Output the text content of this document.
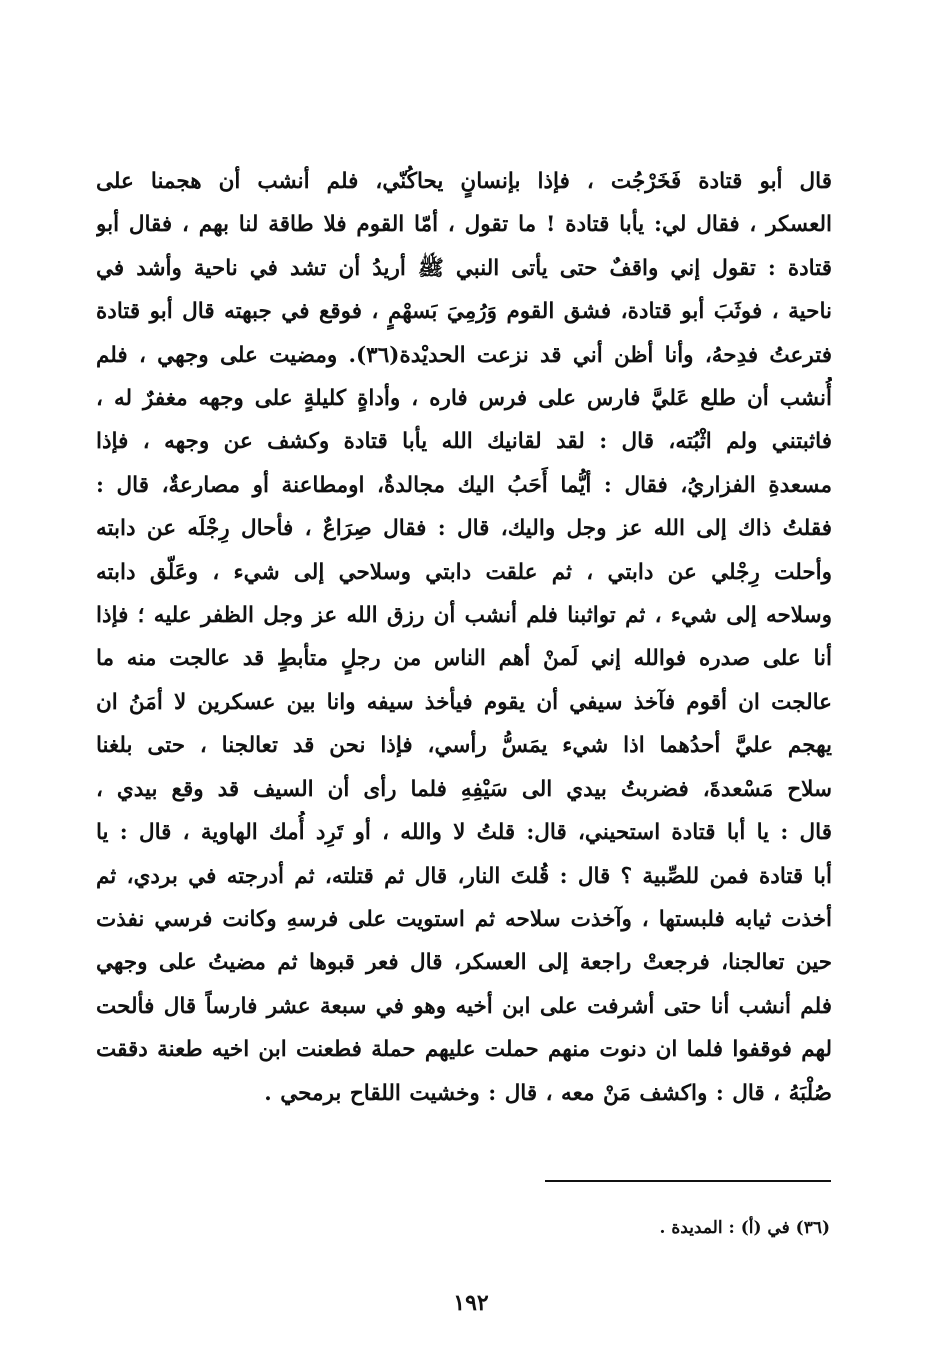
قال أبو قتادة فَخَرْجُت ، فإذا بإنسانٍ يحاكُنّي، فلم أنشب أن هجمنا على
العسكر ، فقال لي: يأبا قتادة ! ما تقول ، أمّا القوم فلا طاقة لنا بهم ، فقال أبو
قتادة : تقول إني واقفٌ حتى يأتى النبي ﷺ أريدُ أن تشد في ناحية وأشد في
ناحية ، فوثَبَ أبو قتادة، فشق القوم وَرُمِيَ بَسهْمٍ ، فوقع في جبهته قال أبو قتادة
فترعتُ فدِحهُ، وأنا أظن أني قد نزعت الحديْدة(٣٦). ومضيت على وجهي ، فلم
أُنشب أن طلع عَليَّ فارس على فرس فاره ، وأداةٍ كليلةٍ على وجهه مغفرٌ له ،
فاثبتني ولم اثْبُته، قال : لقد لقانيك الله يأبا قتادة وكشف عن وجهه ، فإذا
مسعدةِ الفزاريُ، فقال : أيُّما أَحَبُ اليك مجالدةٌ، اومطاعنة أو مصارعةٌ، قال :
فقلتُ ذاك إلى الله عز وجل واليك، قال : فقال صِرَاعٌ ، فأحال رِجْلَه عن دابته
وأحلت رِجْلي عن دابتي ، ثم علقت دابتي وسلاحي إلى شيء ، وعَلّق دابته
وسلاحه إلى شيء ، ثم تواثبنا فلم أنشب أن رزق الله عز وجل الظفر عليه ؛ فإذا
أنا على صدره فوالله إني لَمنْ أهم الناس من رجلٍ متأبطٍ قد عالجت منه ما
عالجت ان أقوم فآخذ سيفي أن يقوم فيأخذ سيفه وانا بين عسكرين لا أمَنُ ان
يهجم عليَّ أحدُهما اذا شيء يمَسُّ رأسي، فإذا نحن قد تعالجنا ، حتى بلغنا
سلاح مَسْعدةَ، فضربتُ بيدي الى سَيْفِهِ فلما رأى أن السيف قد وقع بيدي ،
قال : يا أبا قتادة استحيني، قال: قلتُ لا والله ، أو تَرِد أُمك الهاوية ، قال : يا
أبا قتادة فمن للصِّبية ؟ قال : قُلتَ النار، قال ثم قتلته، ثم أدرجته في بردي، ثم
أخذت ثيابه فلبستها ، وآخذت سلاحه ثم استويت على فرسهِ وكانت فرسي نفذت
حين تعالجنا، فرجعتْ راجعة إلى العسكر، قال فعر قبوها ثم مضيتُ على وجهي
فلم أنشب أنا حتى أشرفت على ابن أخيه وهو في سبعة عشر فارساً قال فألحت
لهم فوقفوا فلما ان دنوت منهم حملت عليهم حملة فطعنت ابن اخيه طعنة دققت
صُلْبَهُ ، قال : واكشف مَنْ معه ، قال : وخشيت اللقاح برمحي .
(٣٦) في (أ) : المديدة .
١٩٢
